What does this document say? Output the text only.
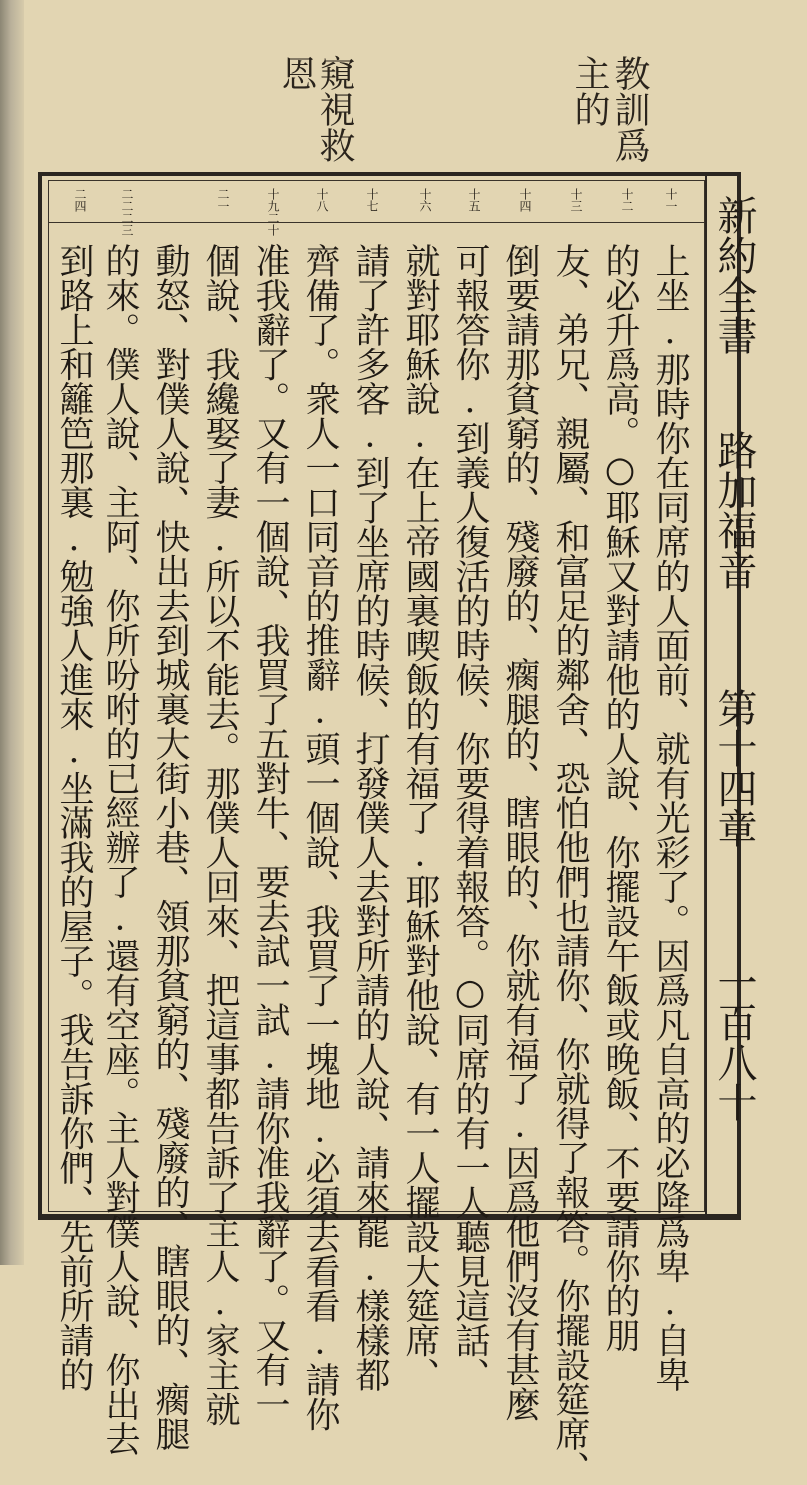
教訓爲
主的
窺視救
恩
十一
十二
十三
十四
十五
十六
十七
十八
十九二十
二一
二二二三
二四
上坐.那時你在同席的人面前、就有光彩了。因爲凡自高的必降爲卑.自卑
的必升爲高。○耶穌又對請他的人說、你擺設午飯或晚飯、不要請你的朋
友、弟兄、親屬、和富足的鄰舍、恐怕他們也請你、你就得了報答。你擺設筵席、
倒要請那貧窮的、殘廢的、瘸腿的、瞎眼的、你就有福了.因爲他們沒有甚麼
可報答你.到義人復活的時候、你要得着報答。○同席的有一人聽見這話、
就對耶穌說.在上帝國裏喫飯的有福了.耶穌對他說、有一人擺設大筵席、
請了許多客.到了坐席的時候、打發僕人去對所請的人說、請來罷.樣樣都
齊備了。衆人一口同音的推辭.頭一個說、我買了一塊地.必須去看看.請你
准我辭了。又有一個說、我買了五對牛、要去試一試.請你准我辭了。又有一
個說、我纔娶了妻.所以不能去。那僕人回來、把這事都告訴了主人.家主就
動怒、對僕人說、快出去到城裏大街小巷、領那貧窮的、殘廢的、瞎眼的、瘸腿
的來。僕人說、主阿、你所吩咐的已經辦了.還有空座。主人對僕人說、你出去
到路上和籬笆那裏.勉強人進來.坐滿我的屋子。我告訴你們、先前所請的	新約全書
路加福音
第十四章
一百八十
